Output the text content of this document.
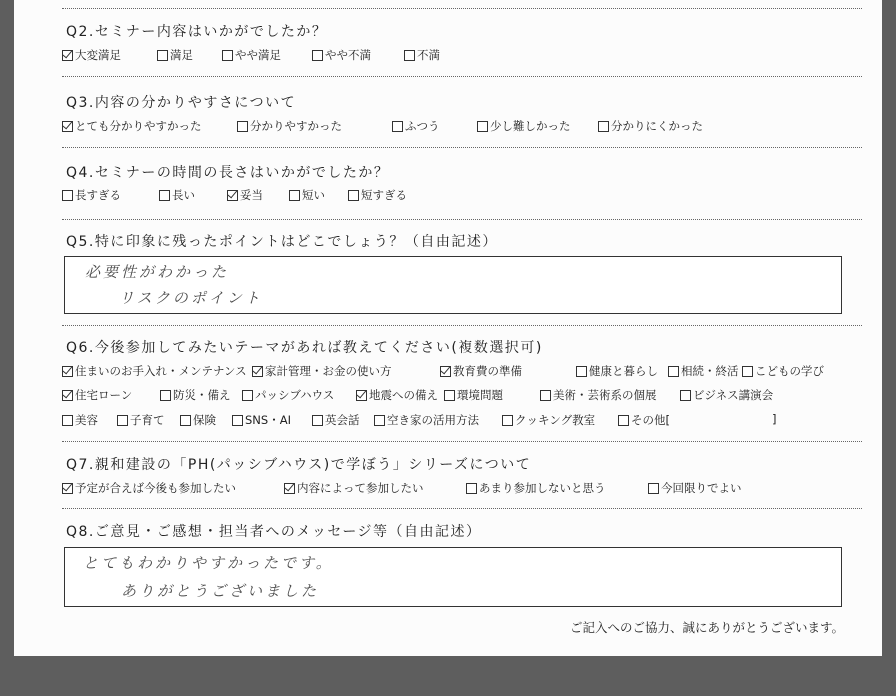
Q2.セミナー内容はいかがでしたか？
大変満足	満足	やや満足	やや不満	不満
Q3.内容の分かりやすさについて
とても分かりやすかった	分かりやすかった	ふつう	少し難しかった	分かりにくかった
Q4.セミナーの時間の長さはいかがでしたか？
長すぎる	長い	妥当	短い	短すぎる
Q5.特に印象に残ったポイントはどこでしょう？（自由記述）
必要性がわかった
リスクのポイント
Q6.今後参加してみたいテーマがあれば教えてください(複数選択可)
住まいのお手入れ・メンテナンス 家計管理・お金の使い方	教育費の準備	健康と暮らし 相続・終活 こどもの学び
住宅ローン	防災・備え パッシブハウス	地震への備え 環境問題	美術・芸術系の個展	ビジネス講演会
美容	子育て 保険	SNS・AI	英会話 空き家の活用方法	クッキング教室	その他[	]
Q7.親和建設の「PH(パッシブハウス)で学ぼう」シリーズについて
予定が合えば今後も参加したい	内容によって参加したい	あまり参加しないと思う	今回限りでよい
Q8.ご意見・ご感想・担当者へのメッセージ等（自由記述）
とてもわかりやすかったです。
ありがとうございました
ご記入へのご協力、誠にありがとうございます。
